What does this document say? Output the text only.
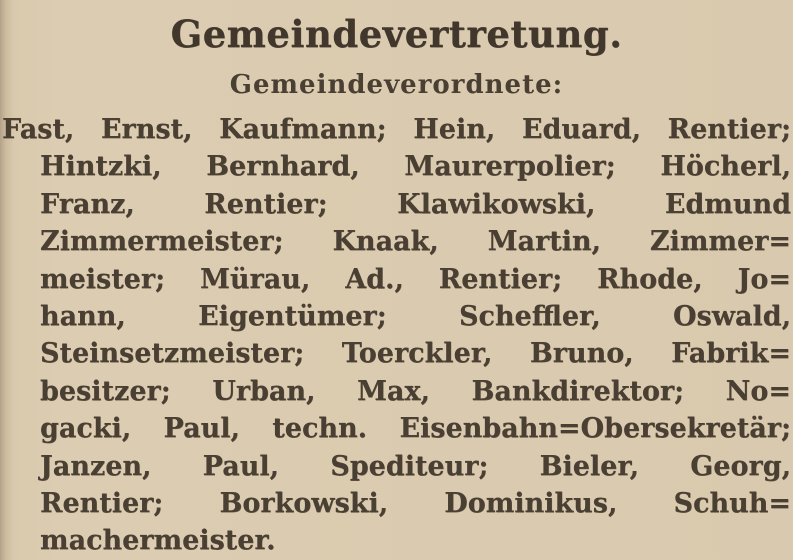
Gemeindevertretung.
Gemeindeverordnete:
Fast, Ernst, Kaufmann; Hein, Eduard, Rentier;
Hintzki, Bernhard, Maurerpolier; Höcherl,
Franz, Rentier; Klawikowski, Edmund
Zimmermeister; Knaak, Martin, Zimmer=
meister; Mürau, Ad., Rentier; Rhode, Jo=
hann, Eigentümer; Scheffler, Oswald,
Steinsetzmeister; Toerckler, Bruno, Fabrik=
besitzer; Urban, Max, Bankdirektor; No=
gacki, Paul, techn. Eisenbahn=Obersekretär;
Janzen, Paul, Spediteur; Bieler, Georg,
Rentier; Borkowski, Dominikus, Schuh=
machermeister.
